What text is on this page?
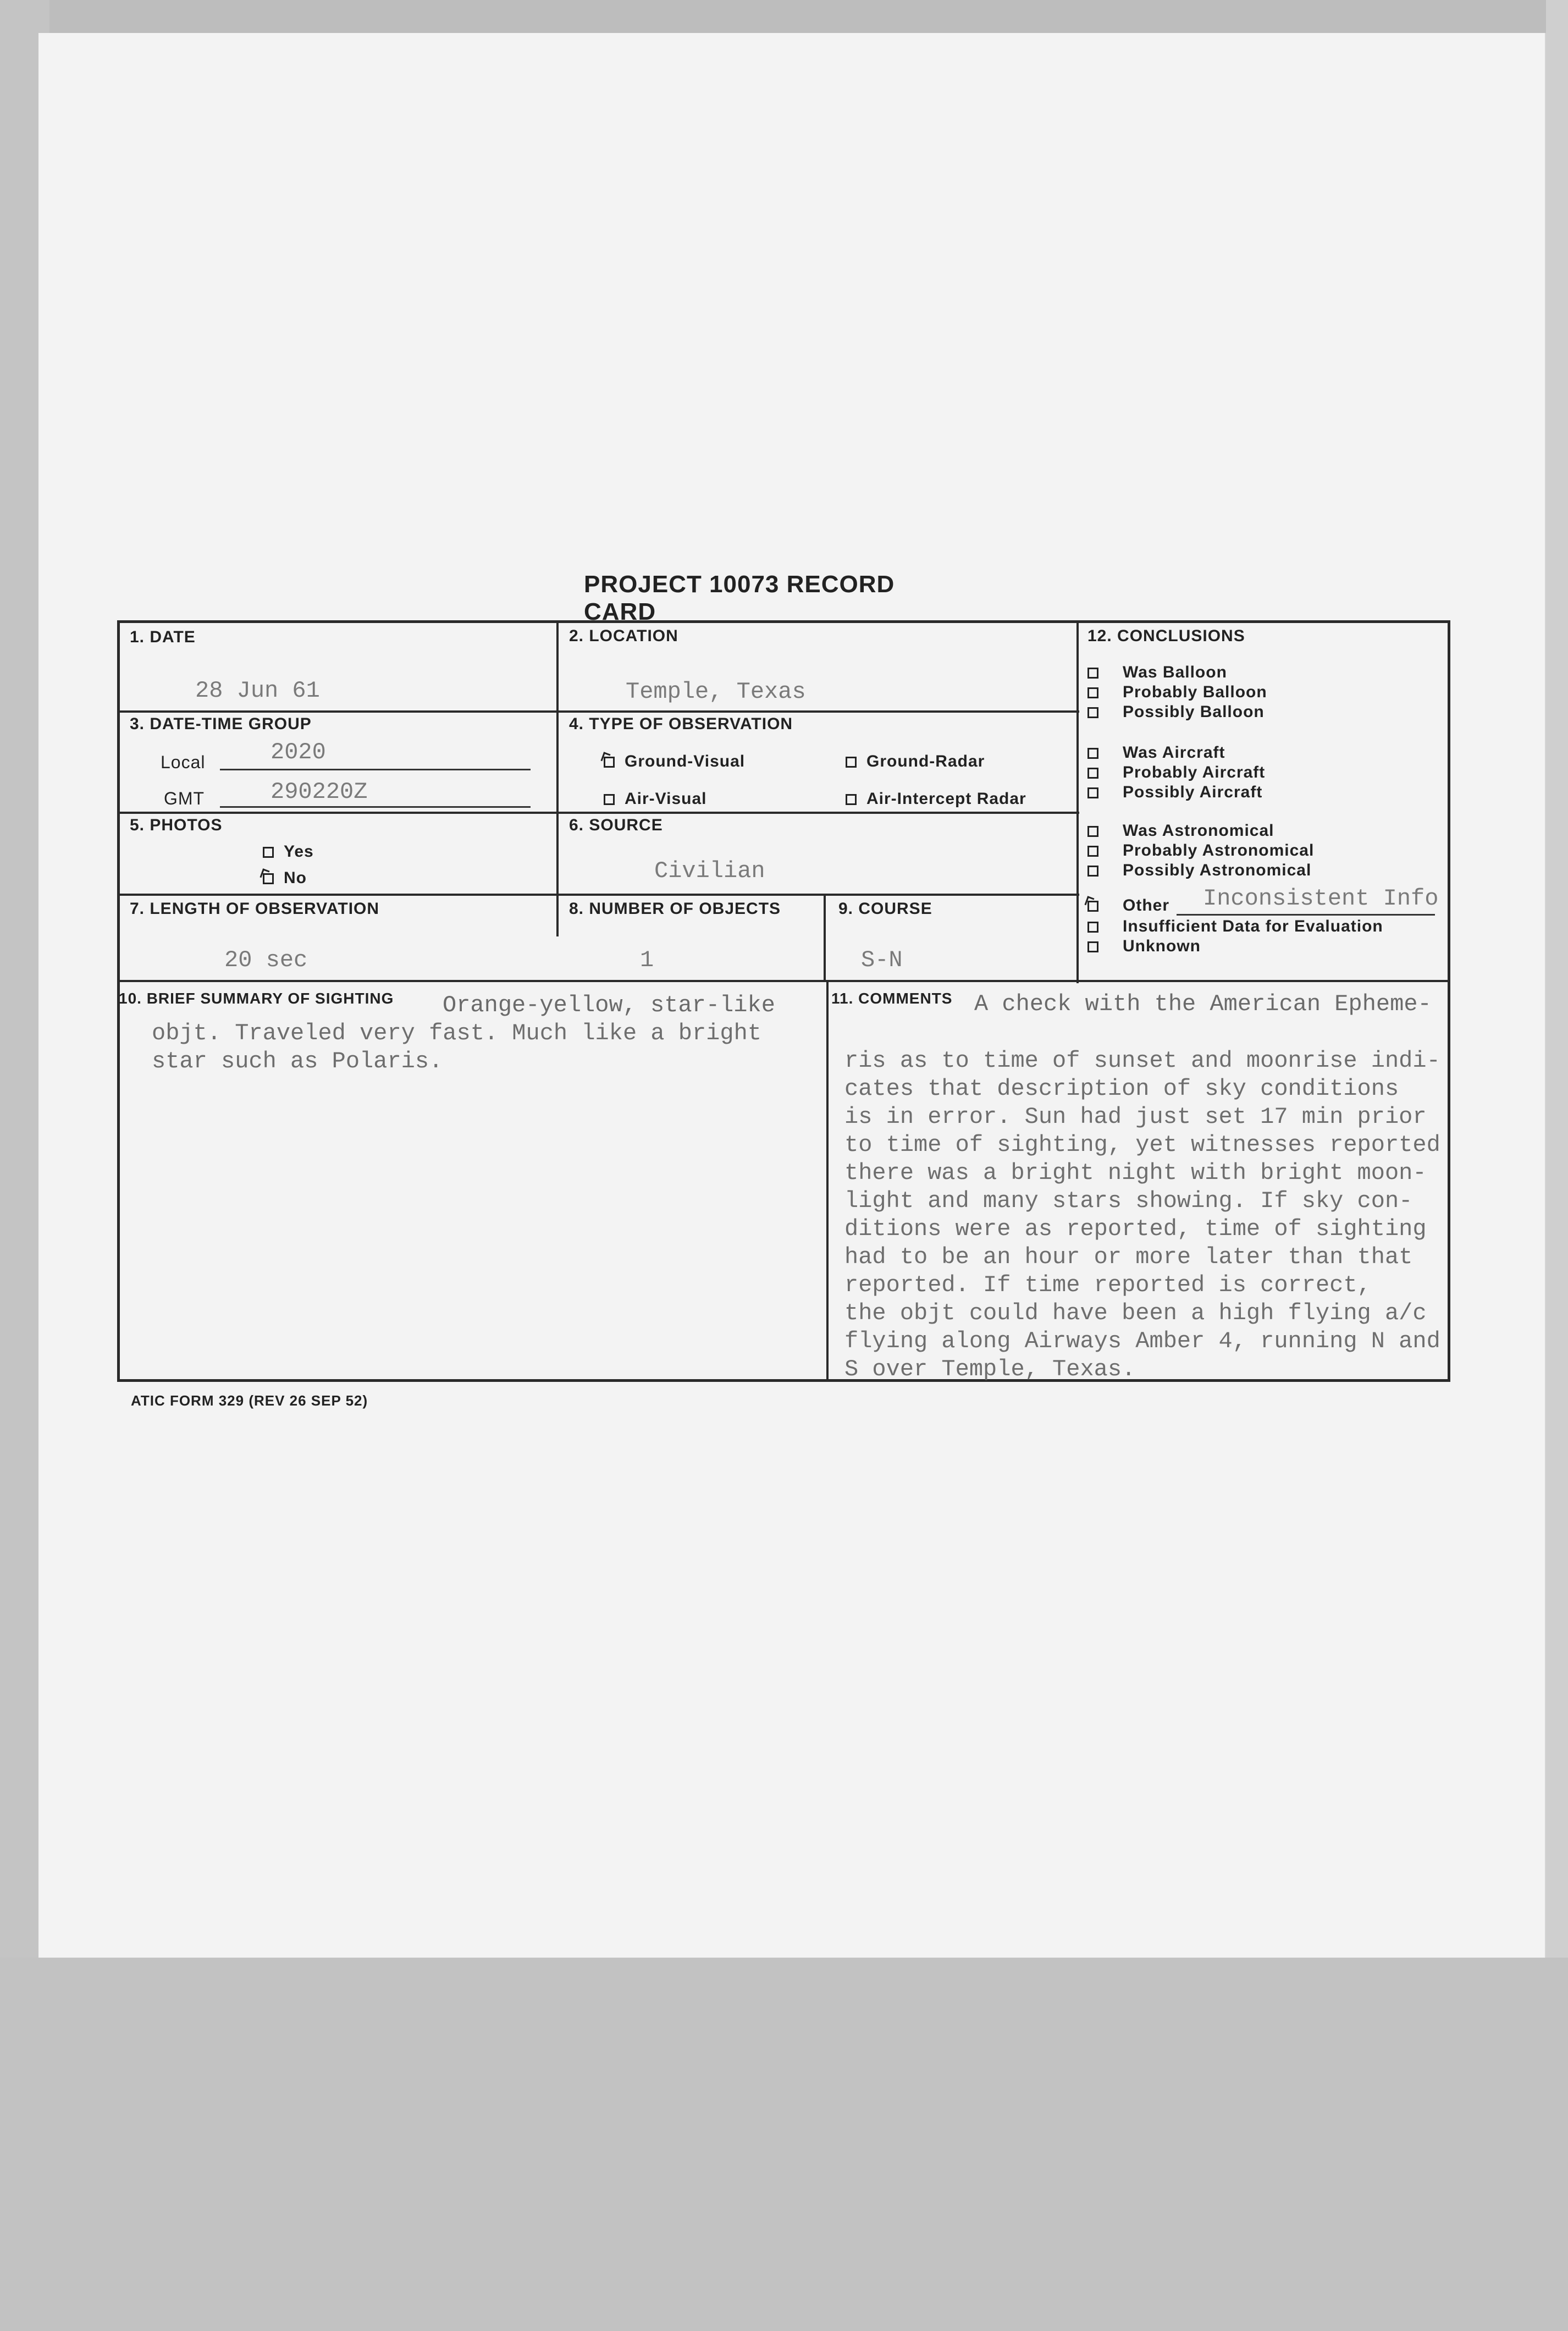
PROJECT 10073 RECORD CARD
1. DATE
28 Jun 61
2. LOCATION
Temple, Texas
3. DATE-TIME GROUP
Local	2020
GMT	290220Z
4. TYPE OF OBSERVATION
Ground-Visual	Ground-Radar
Air-Visual	Air-Intercept Radar
5. PHOTOS
Yes
No
6. SOURCE
Civilian
7. LENGTH OF OBSERVATION
20 sec
8. NUMBER OF OBJECTS
1
9. COURSE
S-N
12. CONCLUSIONS
Was Balloon
Probably Balloon
Possibly Balloon
Was Aircraft
Probably Aircraft
Possibly Aircraft
Was Astronomical
Probably Astronomical
Possibly Astronomical
Other Inconsistent Info
Insufficient Data for Evaluation
Unknown
10. BRIEF SUMMARY OF SIGHTING Orange-yellow, star-like
objt. Traveled very fast. Much like a bright
star such as Polaris.
11. COMMENTS A check with the American Epheme-

ris as to time of sunset and moonrise indi-
cates that description of sky conditions
is in error. Sun had just set 17 min prior
to time of sighting, yet witnesses reported
there was a bright night with bright moon-
light and many stars showing. If sky con-
ditions were as reported, time of sighting
had to be an hour or more later than that
reported. If time reported is correct,
the objt could have been a high flying a/c
flying along Airways Amber 4, running N and
S over Temple, Texas.

ATIC FORM 329 (REV 26 SEP 52)
